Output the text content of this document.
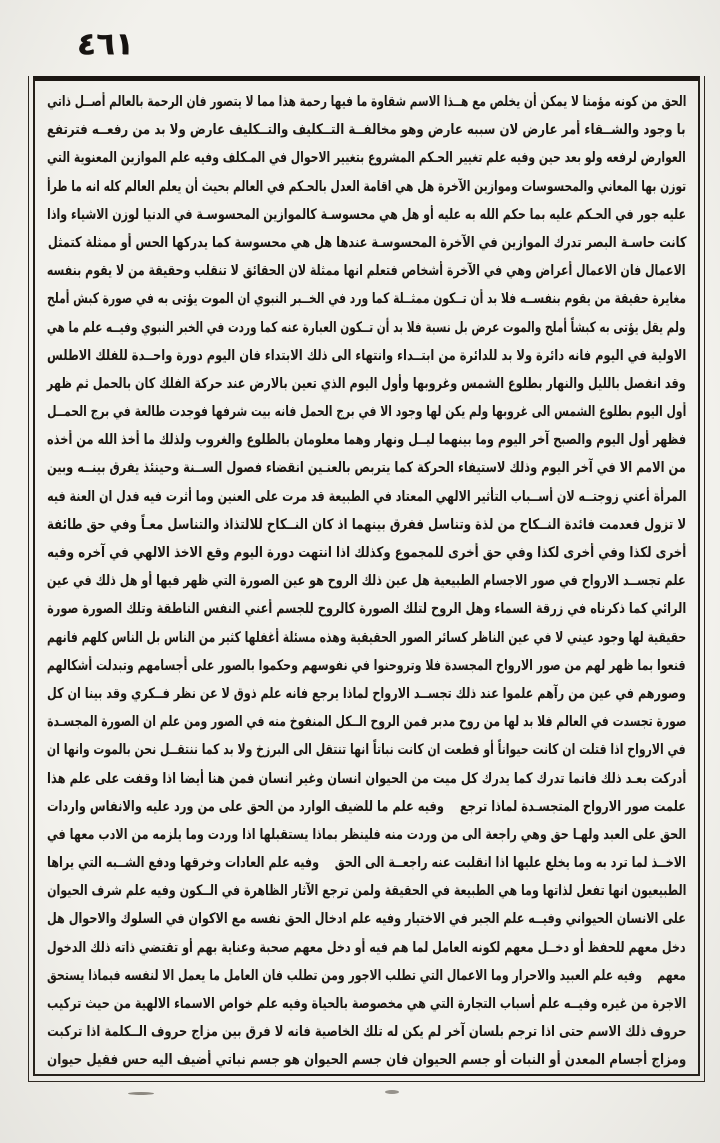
٤٦١
الحق من كونه مؤمنا لا يمكن أن يخلص مع هــذا الاسم شقاوة ما فيها رحمة هذا مما لا يتصور فان الرحمة بالعالم أصــل ذاتي
با وجود والشــقاء أمر عارض لان سببه عارض وهو مخالفــة التــكليف والتــكليف عارض ولا بد من رفعــه فترتفع
العوارض لرفعه ولو بعد حين وفيه علم تغيير الحـكم المشروع بتغيير الاحوال في المـكلف وفيه علم الموازين المعنوية التي
توزن بها المعاني والمحسوسات وموازين الآخرة هل هي اقامة العدل بالحـكم في العالم بحيث أن يعلم العالم كله انه ما طرأ
عليه جور في الحـكم عليه بما حكم الله به عليه أو هل هي محسوسـة كالموازين المحسوسـة في الدنيا لوزن الاشياء واذا
كانت حاسـة البصر تدرك الموازين في الآخرة المحسوسـة عندها هل هي محسوسة كما يدركها الحس أو ممثلة كتمثل
الاعمال فان الاعمال أعراض وهي في الآخرة أشخاص فتعلم انها ممثلة لان الحقائق لا تنقلب وحقيقة من لا يقوم بنفسه
مغايرة حقيقة من يقوم بنفســه فلا بد أن تــكون ممثــلة كما ورد في الخــبر النبوي ان الموت يؤتى به في صورة كبش أملح
ولم يقل يؤتى به كبشاً أملح والموت عرض بل نسبة فلا بد أن تــكون العبارة عنه كما وردت في الخبر النبوي وفيــه علم ما هي
الاولية في اليوم فانه دائرة ولا بد للدائرة من ابتــداء وانتهاء الى ذلك الابتداء فان اليوم دورة واحــدة للفلك الاطلس
وقد انفصل بالليل والنهار بطلوع الشمس وغروبها وأول اليوم الذي تعين بالارض عند حركة الفلك كان بالحمل ثم ظهر
أول اليوم بطلوع الشمس الى غروبها ولم يكن لها وجود الا في برج الحمل فانه بيت شرفها فوجدت طالعة في برج الحمــل
فظهر أول اليوم والصبح آخر اليوم وما بينهما ليــل ونهار وهما معلومان بالطلوع والغروب ولذلك ما أخذ الله من أخذه
من الامم الا في آخر اليوم وذلك لاستيفاء الحركة كما يتربص بالعنـين انقضاء فصول الســنة وحينئذ يفرق بينــه وبين
المرأة أعني زوجتــه لان أســباب التأثير الالهي المعتاد في الطبيعة قد مرت على العنين وما أثرت فيه فدل ان العنة فيه
لا تزول فعدمت فائدة النــكاح من لذة وتناسل ففرق بينهما اذ كان النــكاح للالتذاذ والتناسل معـاً وفي حق طائفة
أخرى لكذا وفي أخرى لكذا وفي حق أخرى للمجموع وكذلك اذا انتهت دورة اليوم وقع الاخذ الالهي في آخره وفيه
علم تجســد الارواح في صور الاجسام الطبيعية هل عين ذلك الروح هو عين الصورة التي ظهر فيها أو هل ذلك في عين
الرائي كما ذكرناه في زرقة السماء وهل الروح لتلك الصورة كالروح للجسم أعني النفس الناطقة وتلك الصورة صورة
حقيقية لها وجود عيني لا في عين الناظر كسائر الصور الحقيقية وهذه مسئلة أغفلها كثير من الناس بل الناس كلهم فانهم
قنعوا بما ظهر لهم من صور الارواح المجسدة فلا وتروحنوا في نفوسهم وحكموا بالصور على أجسامهم وتبدلت أشكالهم
وصورهم في عين من رآهم علموا عند ذلك تجســد الارواح لماذا يرجع فانه علم ذوق لا عن نظر فــكري وقد بينا ان كل
صورة تجسدت في العالم فلا بد لها من روح مدبر فمن الروح الــكل المنفوخ منه في الصور ومن علم ان الصورة المجسـدة
في الارواح اذا قتلت ان كانت حيواناً أو قطعت ان كانت نباتاً انها تنتقل الى البرزخ ولا بد كما ننتقــل نحن بالموت وانها ان
أدركت بعـد ذلك فانما تدرك كما يدرك كل ميت من الحيوان انسان وغير انسان فمن هنا أيضا اذا وقفت على علم هذا
علمت صور الارواح المتجسـدة لماذا ترجع    وفيه علم ما للضيف الوارد من الحق على من ورد عليه والانفاس واردات
الحق على العبد ولهـا حق وهي راجعة الى من وردت منه فلينظر بماذا يستقبلها اذا وردت وما يلزمه من الادب معها في
الاخــذ لما ترد به وما يخلع عليها اذا انقلبت عنه راجعــة الى الحق    وفيه علم العادات وخرقها ودفع الشــبه التي يراها
الطبيعيون انها تفعل لذاتها وما هي الطبيعة في الحقيقة ولمن ترجع الآثار الظاهرة في الــكون وفيه علم شرف الحيوان
على الانسان الحيواني وفيــه علم الجبر في الاختيار وفيه علم ادخال الحق نفسه مع الاكوان في السلوك والاحوال هل
دخل معهم للحفظ أو دخــل معهم لكونه العامل لما هم فيه أو دخل معهم صحبة وعناية بهم أو تقتضي ذاته ذلك الدخول
معهم    وفيه علم العبيد والاحرار وما الاعمال التي تطلب الاجور ومن تطلب فان العامل ما يعمل الا لنفسه فبماذا يستحق
الاجرة من غيره وفيــه علم أسباب التجارة التي هي مخصوصة بالحياة وفيه علم خواص الاسماء الالهية من حيث تركيب
حروف ذلك الاسم حتى اذا ترجم بلسان آخر لم يكن له تلك الخاصية فانه لا فرق بين مزاج حروف الــكلمة اذا تركبت
ومزاج أجسام المعدن أو النبات أو جسم الحيوان فان جسم الحيوان هو جسم نباتي أضيف اليه حس فقيل حيوان
